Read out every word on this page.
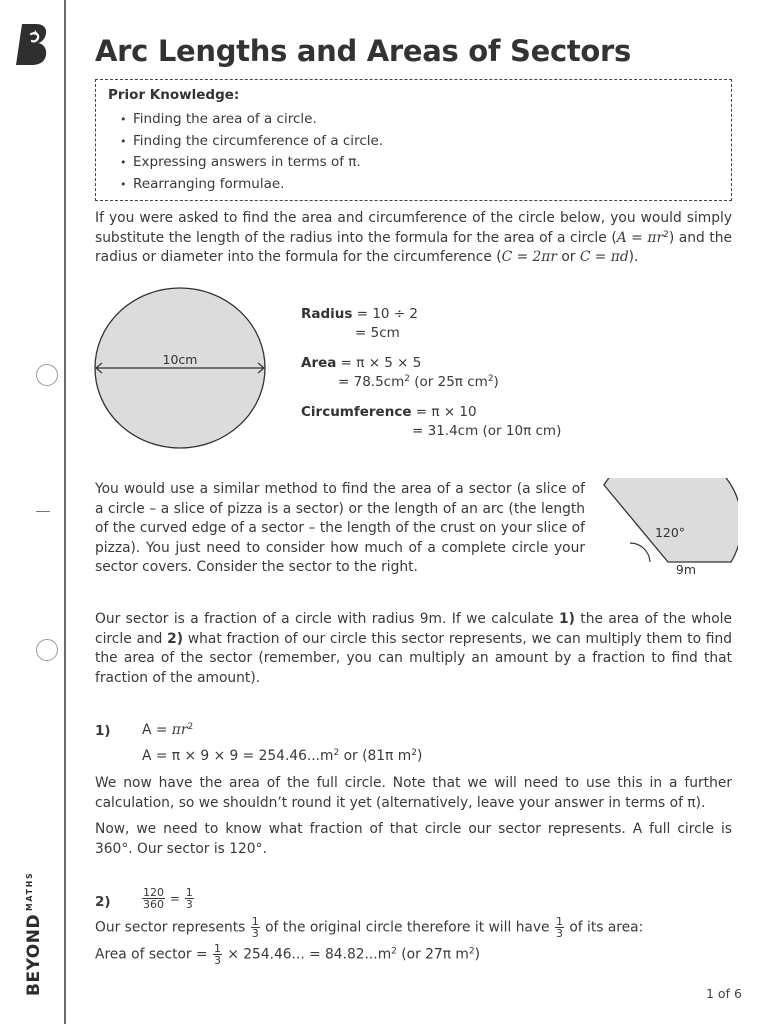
$BEYOND^{MATHS}$
Arc Lengths and Areas of Sectors
Prior Knowledge:
• Finding the area of a circle.
• Finding the circumference of a circle.
• Expressing answers in terms of π.
• Rearranging formulae.

If you were asked to find the area and circumference of the circle below, you would simply substitute the length of the radius into the formula for the area of a circle $(A = \pi r^2)$ and the radius or diameter into the formula for the circumference (C = 2πr or C = πd).

10cm
Radius = 10 ÷ 2
= 5cm
Area = π × 5 × 5
= $78.5cm^2$ (or 25π $cm^2$)
Circumference = π × 10
= 31.4cm (or 10π cm)

You would use a similar method to find the area of a sector (a slice of a circle – a slice of pizza is a sector) or the length of an arc (the length of the curved edge of a sector – the length of the crust on your slice of pizza). You just need to consider how much of a complete circle your sector covers. Consider the sector to the right.

120°
9m

Our sector is a fraction of a circle with radius 9m. If we calculate 1) the area of the whole circle and 2) what fraction of our circle this sector represents, we can multiply them to find the area of the sector (remember, you can multiply an amount by a fraction to find that fraction of the amount).

1) $A = \pi r^2$
$A = \pi \times 9 \times 9 = 254.46...m^2$ or (81π $m^2$)

We now have the area of the full circle. Note that we will need to use this in a further calculation, so we shouldn’t round it yet (alternatively, leave your answer in terms of π).

Now, we need to know what fraction of that circle our sector represents. A full circle is 360°. Our sector is 120°.

2)	$\frac{120}{360} = \frac{1}{3}$
Our sector represents $\frac{1}{3}$ of the original circle therefore it will have $\frac{1}{3}$ of its area:
Area of sector = $\frac{1}{3} \times 254.46$... = $84.82...m^2$ (or 27π $m^2$)
1 of 6
